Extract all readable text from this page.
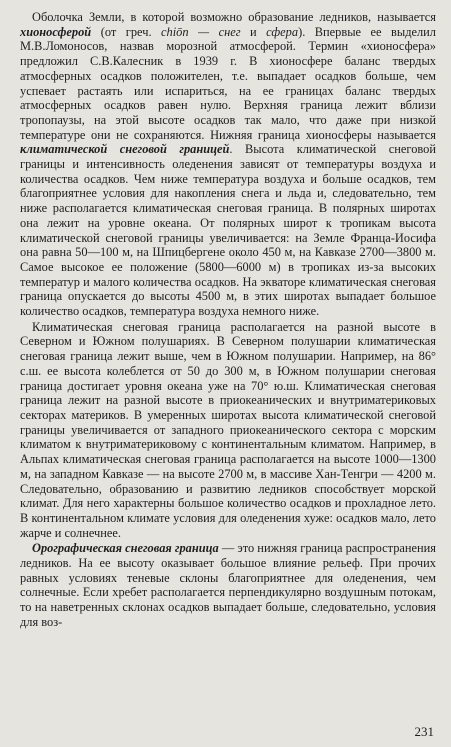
Оболочка Земли, в которой возможно образование ледников, называется хионосферой (от греч. chiōn — снег и сфера). Впервые ее выделил М.В.Ломоносов, назвав морозной атмосферой. Термин «хионосфера» предложил С.В.Калесник в 1939 г. В хионосфере баланс твердых атмосферных осадков положителен, т.е. выпадает осадков больше, чем успевает растаять или испариться, на ее границах баланс твердых атмосферных осадков равен нулю. Верхняя граница лежит вблизи тропопаузы, на этой высоте осадков так мало, что даже при низкой температуре они не сохраняются. Нижняя граница хионосферы называется климатической снеговой границей. Высота климатической снеговой границы и интенсивность оледенения зависят от температуры воздуха и количества осадков. Чем ниже температура воздуха и больше осадков, тем благоприятнее условия для накопления снега и льда и, следовательно, тем ниже располагается климатическая снеговая граница. В полярных широтах она лежит на уровне океана. От полярных широт к тропикам высота климатической снеговой границы увеличивается: на Земле Франца-Иосифа она равна 50—100 м, на Шпицбергене около 450 м, на Кавказе 2700—3800 м. Самое высокое ее положение (5800—6000 м) в тропиках из-за высоких температур и малого количества осадков. На экваторе климатическая снеговая граница опускается до высоты 4500 м, в этих широтах выпадает большое количество осадков, температура воздуха немного ниже.

Климатическая снеговая граница располагается на разной высоте в Северном и Южном полушариях. В Северном полушарии климатическая снеговая граница лежит выше, чем в Южном полушарии. Например, на 86° с.ш. ее высота колеблется от 50 до 300 м, в Южном полушарии снеговая граница достигает уровня океана уже на 70° ю.ш. Климатическая снеговая граница лежит на разной высоте в приокеанических и внутриматериковых секторах материков. В умеренных широтах высота климатической снеговой границы увеличивается от западного приокеанического сектора с морским климатом к внутриматериковому с континентальным климатом. Например, в Альпах климатическая снеговая граница располагается на высоте 1000—1300 м, на западном Кавказе — на высоте 2700 м, в массиве Хан-Тенгри — 4200 м. Следовательно, образованию и развитию ледников способствует морской климат. Для него характерны большое количество осадков и прохладное лето. В континентальном климате условия для оледенения хуже: осадков мало, лето жарче и солнечнее.

Орографическая снеговая граница — это нижняя граница распространения ледников. На ее высоту оказывает большое влияние рельеф. При прочих равных условиях теневые склоны благоприятнее для оледенения, чем солнечные. Если хребет располагается перпендикулярно воздушным потокам, то на наветренных склонах осадков выпадает больше, следовательно, условия для воз-

231
